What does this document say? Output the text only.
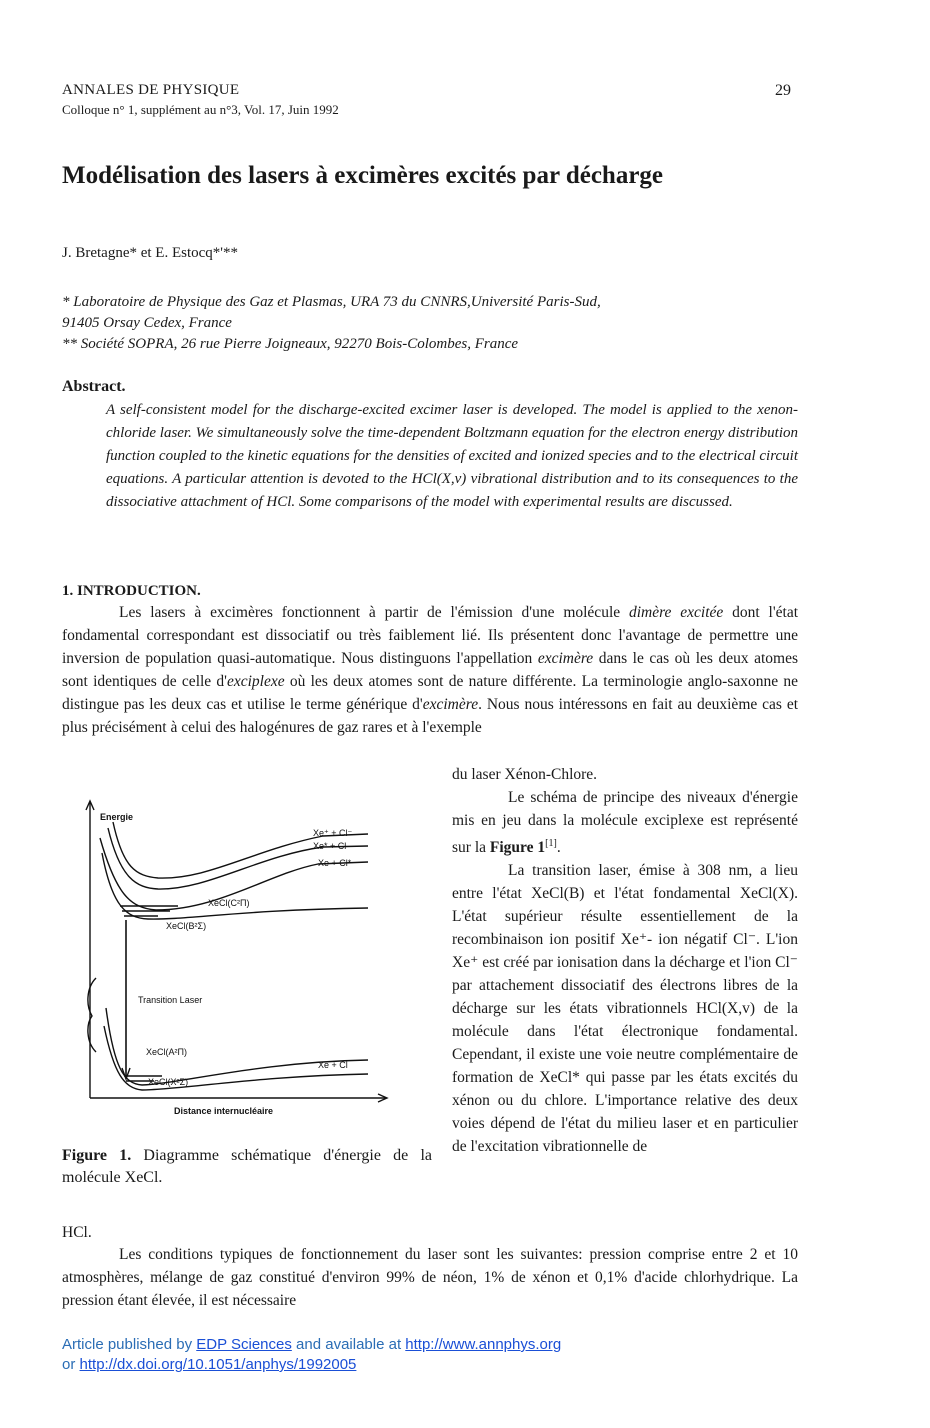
ANNALES DE PHYSIQUE
Colloque n° 1, supplément au n°3, Vol. 17, Juin 1992
29
Modélisation des lasers à excimères excités par décharge
J. Bretagne* et E. Estocq*'**
* Laboratoire de Physique des Gaz et Plasmas, URA 73 du CNNRS,Université Paris-Sud,
91405 Orsay Cedex, France
** Société SOPRA, 26 rue Pierre Joigneaux, 92270 Bois-Colombes, France
Abstract.
A self-consistent model for the discharge-excited excimer laser is developed. The model is applied to the xenon-chloride laser. We simultaneously solve the time-dependent Boltzmann equation for the electron energy distribution function coupled to the kinetic equations for the densities of excited and ionized species and to the electrical circuit equations. A particular attention is devoted to the HCl(X,v) vibrational distribution and to its consequences to the dissociative attachment of HCl. Some comparisons of the model with experimental results are discussed.
1. INTRODUCTION.

Les lasers à excimères fonctionnent à partir de l'émission d'une molécule dimère excitée dont l'état fondamental correspondant est dissociatif ou très faiblement lié. Ils présentent donc l'avantage de permettre une inversion de population quasi-automatique. Nous distinguons l'appellation excimère dans le cas où les deux atomes sont identiques de celle d'exciplexe où les deux atomes sont de nature différente. La terminologie anglo-saxonne ne distingue pas les deux cas et utilise le terme générique d'excimère. Nous nous intéressons en fait au deuxième cas et plus précisément à celui des halogénures de gaz rares et à l'exemple

du laser Xénon-Chlore.

Le schéma de principe des niveaux d'énergie mis en jeu dans la molécule exciplexe est représenté sur la Figure 1[1].

La transition laser, émise à 308 nm, a lieu entre l'état XeCl(B) et l'état fondamental XeCl(X). L'état supérieur résulte essentiellement de la recombinaison ion positif Xe⁺- ion négatif Cl⁻. L'ion Xe⁺ est créé par ionisation dans la décharge et l'ion Cl⁻ par attachement dissociatif des électrons libres de la décharge sur les états vibrationnels HCl(X,v) de la molécule dans l'état électronique fondamental. Cependant, il existe une voie neutre complémentaire de formation de XeCl* qui passe par les états excités du xénon ou du chlore. L'importance relative des deux voies dépend de l'état du milieu laser et en particulier de l'excitation vibrationnelle de

Energie
Xe⁺ + Cl⁻
Xe* + Cl
Xe + Cl*
XeCl(C²Π)
XeCl(B²Σ)
Transition Laser
XeCl(A²Π)
Xe + Cl
XeCl(X²Σ)
Distance internucléaire
Figure 1. Diagramme schématique d'énergie de la molécule XeCl.
HCl.

Les conditions typiques de fonctionnement du laser sont les suivantes: pression comprise entre 2 et 10 atmosphères, mélange de gaz constitué d'environ 99% de néon, 1% de xénon et 0,1% d'acide chlorhydrique. La pression étant élevée, il est nécessaire

Article published by EDP Sciences and available at http://www.annphys.org
or http://dx.doi.org/10.1051/anphys/1992005
